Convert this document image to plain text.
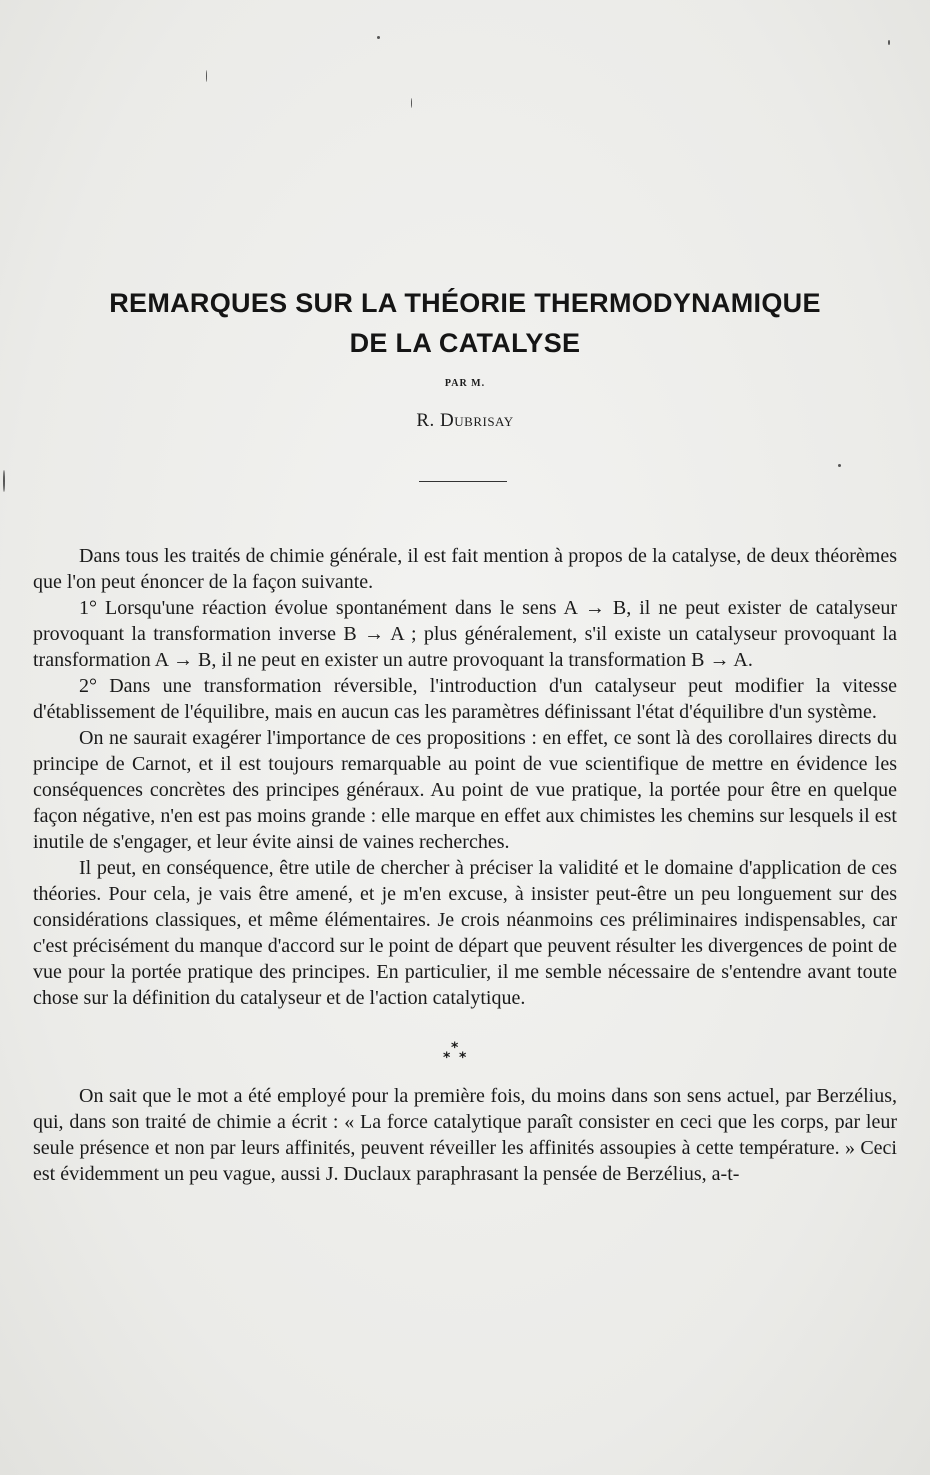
REMARQUES SUR LA THÉORIE THERMODYNAMIQUE
DE LA CATALYSE
PAR M.
R. Dubrisay

Dans tous les traités de chimie générale, il est fait mention à propos de la catalyse, de deux théorèmes que l'on peut énoncer de la façon suivante.

1° Lorsqu'une réaction évolue spontanément dans le sens A → B, il ne peut exister de catalyseur provoquant la transformation inverse B → A ; plus généralement, s'il existe un catalyseur provoquant la transformation A → B, il ne peut en exister un autre provoquant la transformation B → A.

2° Dans une transformation réversible, l'introduction d'un catalyseur peut modifier la vitesse d'établissement de l'équilibre, mais en aucun cas les paramètres définissant l'état d'équilibre d'un système.

On ne saurait exagérer l'importance de ces propositions : en effet, ce sont là des corollaires directs du principe de Carnot, et il est toujours remarquable au point de vue scientifique de mettre en évidence les conséquences concrètes des principes généraux. Au point de vue pratique, la portée pour être en quelque façon négative, n'en est pas moins grande : elle marque en effet aux chimistes les chemins sur lesquels il est inutile de s'engager, et leur évite ainsi de vaines recherches.

Il peut, en conséquence, être utile de chercher à préciser la validité et le domaine d'application de ces théories. Pour cela, je vais être amené, et je m'en excuse, à insister peut-être un peu longuement sur des considérations classiques, et même élémentaires. Je crois néanmoins ces préliminaires indispensables, car c'est précisément du manque d'accord sur le point de départ que peuvent résulter les divergences de point de vue pour la portée pratique des principes. En particulier, il me semble nécessaire de s'entendre avant toute chose sur la définition du catalyseur et de l'action catalytique.

*
* *

On sait que le mot a été employé pour la première fois, du moins dans son sens actuel, par Berzélius, qui, dans son traité de chimie a écrit : « La force catalytique paraît consister en ceci que les corps, par leur seule présence et non par leurs affinités, peuvent réveiller les affinités assoupies à cette température. » Ceci est évidemment un peu vague, aussi J. Duclaux paraphrasant la pensée de Berzélius, a-t-
